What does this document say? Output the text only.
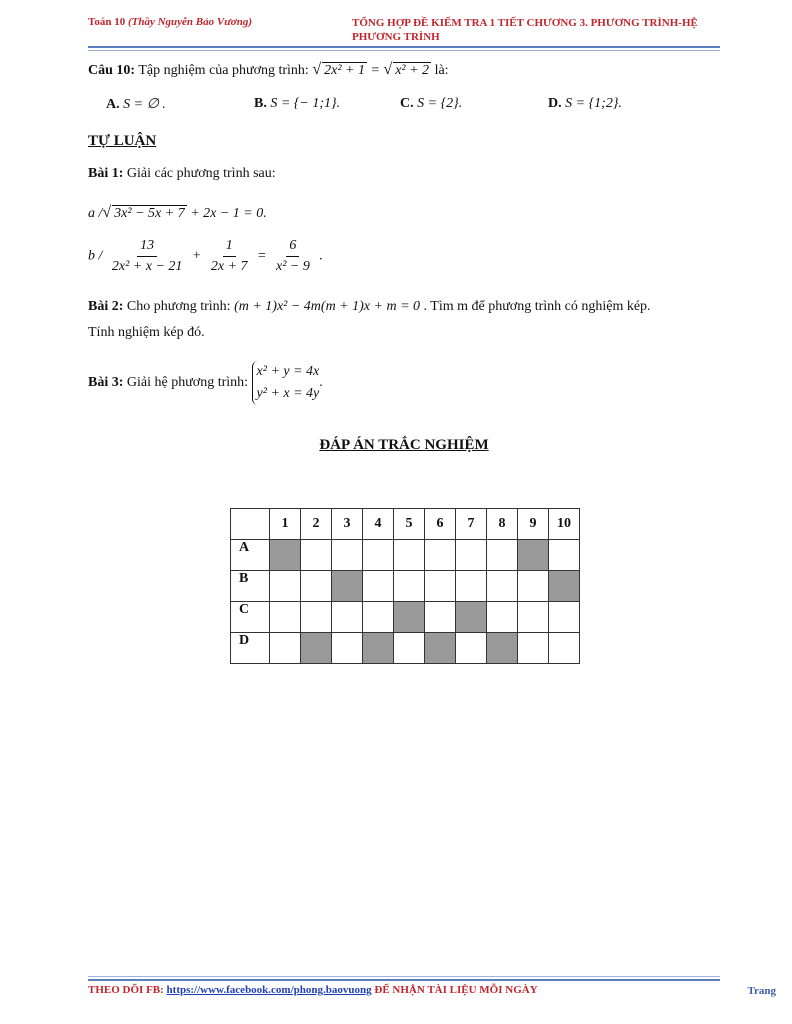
Toán 10 (Thầy Nguyễn Bảo Vương)	TỔNG HỢP ĐỀ KIỂM TRA 1 TIẾT CHƯƠNG 3. PHƯƠNG TRÌNH-HỆ PHƯƠNG TRÌNH
Câu 10: Tập nghiệm của phương trình: √ 2x² + 1 = √ x² + 2 là:
A. S = ∅ .	B. S = {− 1;1}.	C. S = {2}.	D. S = {1;2}.
TỰ LUẬN
Bài 1: Giải các phương trình sau:
a /√ 3x² − 5x + 7 + 2x − 1 = 0.
$b / \frac{13}{\text{2x² + x − 21}} + \frac{1}{2x + 7} = \frac{6}{\text{x² − 9}}$ .
Bài 2: Cho phương trình: (m + 1)x² − 4m(m + 1)x + m = 0 . Tìm m để phương trình có nghiệm kép.
Tính nghiệm kép đó.
Bài 3: Giải hệ phương trình: x² + y = 4x
y² + x = 4y.
ĐÁP ÁN TRẮC NGHIỆM
	1	2	3	4	5	6	7	8	9	10
A										
B										
C										
D										
THEO DÕI FB: https://www.facebook.com/phong.baovuong ĐỂ NHẬN TÀI LIỆU MỖI NGÀY	Trang
